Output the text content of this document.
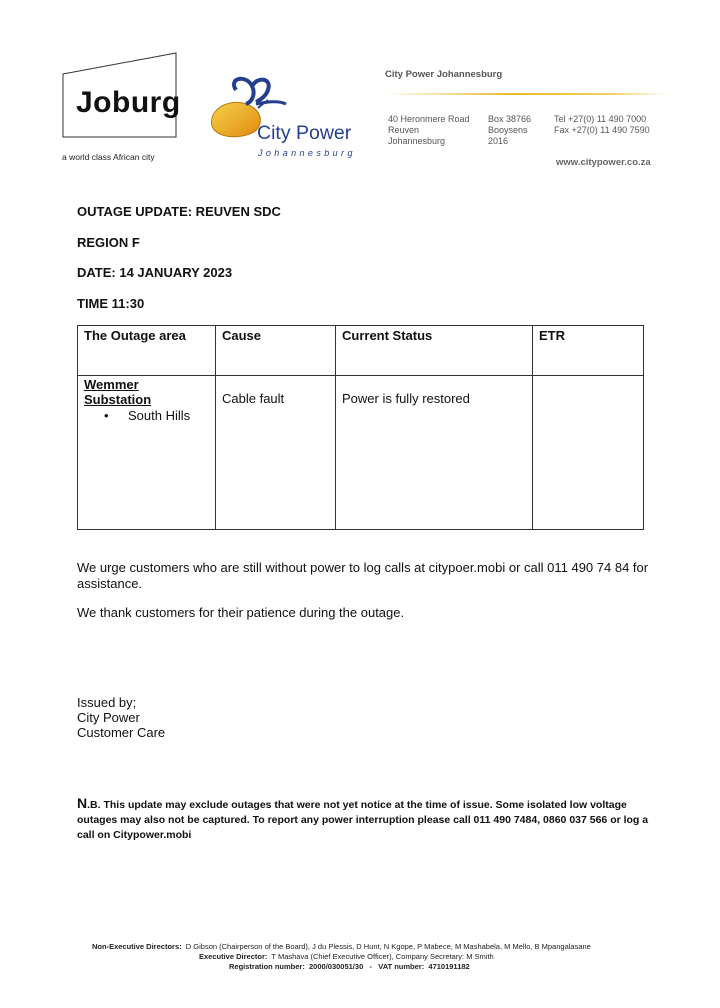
Joburg
a world class African city
City Power
Johannesburg
City Power Johannesburg
40 Heronmere Road
Reuven
Johannesburg
Box 38766
Booysens
2016
Tel +27(0) 11 490 7000
Fax +27(0) 11 490 7590
www.citypower.co.za
OUTAGE UPDATE: REUVEN SDC
REGION F
DATE: 14 JANUARY 2023
TIME 11:30
The Outage area	Cause	Current Status	ETR

Wemmer Substation
• South Hills	Cable fault	Power is fully restored	

We urge customers who are still without power to log calls at citypoer.mobi or call 011 490 74 84 for assistance.
We thank customers for their patience during the outage.
Issued by;
City Power
Customer Care
N.B. This update may exclude outages that were not yet notice at the time of issue. Some isolated low voltage outages may also not be captured. To report any power interruption please call 011 490 7484, 0860 037 566 or log a call on Citypower.mobi
Non-Executive Directors: D Gibson (Chairperson of the Board), J du Plessis, D Hunt, N Kgope, P Mabece, M Mashabela, M Mello, B Mpangalasane
Executive Director: T Mashava (Chief Executive Officer), Company Secretary: M Smith
Registration number: 2000/030051/30   -   VAT number: 4710191182
